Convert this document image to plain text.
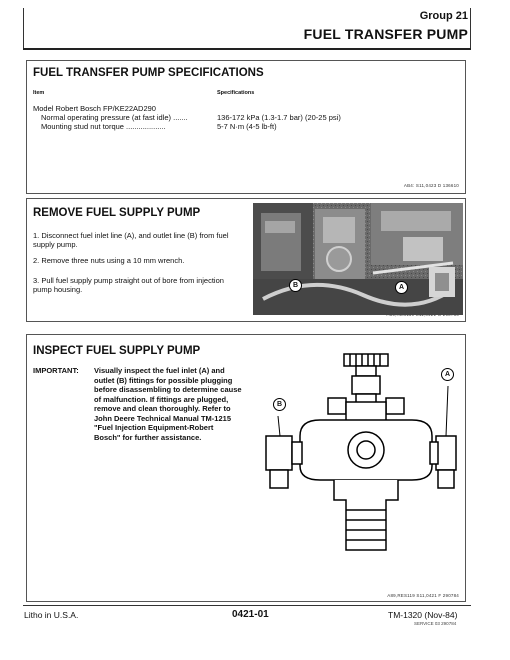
Group 21
FUEL TRANSFER PUMP
FUEL TRANSFER PUMP SPECIFICATIONS
Item	Specifications
Model Robert Bosch FP/KE22AD290
Normal operating pressure (at fast idle) .......	136-172 kPa (1.3-1.7 bar) (20-25 psi)
Mounting stud nut torque ...................	5-7 N·m (4-5 lb-ft)
AB4: S11,0423 D 136610
REMOVE FUEL SUPPLY PUMP
1. Disconnect fuel inlet line (A), and outlet line (B) from fuel
supply pump.
2. Remove three nuts using a 10 mm wrench.
3. Pull fuel supply pump straight out of bore from injection
pump housing.	B	A
INSPECT FUEL SUPPLY PUMP
IMPORTANT: Visually inspect the fuel inlet (A) and
outlet (B) fittings for possible plugging
before disassembling to determine cause
of malfunction. If fittings are plugged,
remove and clean thoroughly. Refer to
John Deere Technical Manual TM-1215
"Fuel Injection Equipment-Robert
Bosch" for further assistance.
A89,RES119 S11,0421 F 290784
B
A
Litho in U.S.A.	0421-01	TM-1320 (Nov-84)
SERVICE 03 290784
